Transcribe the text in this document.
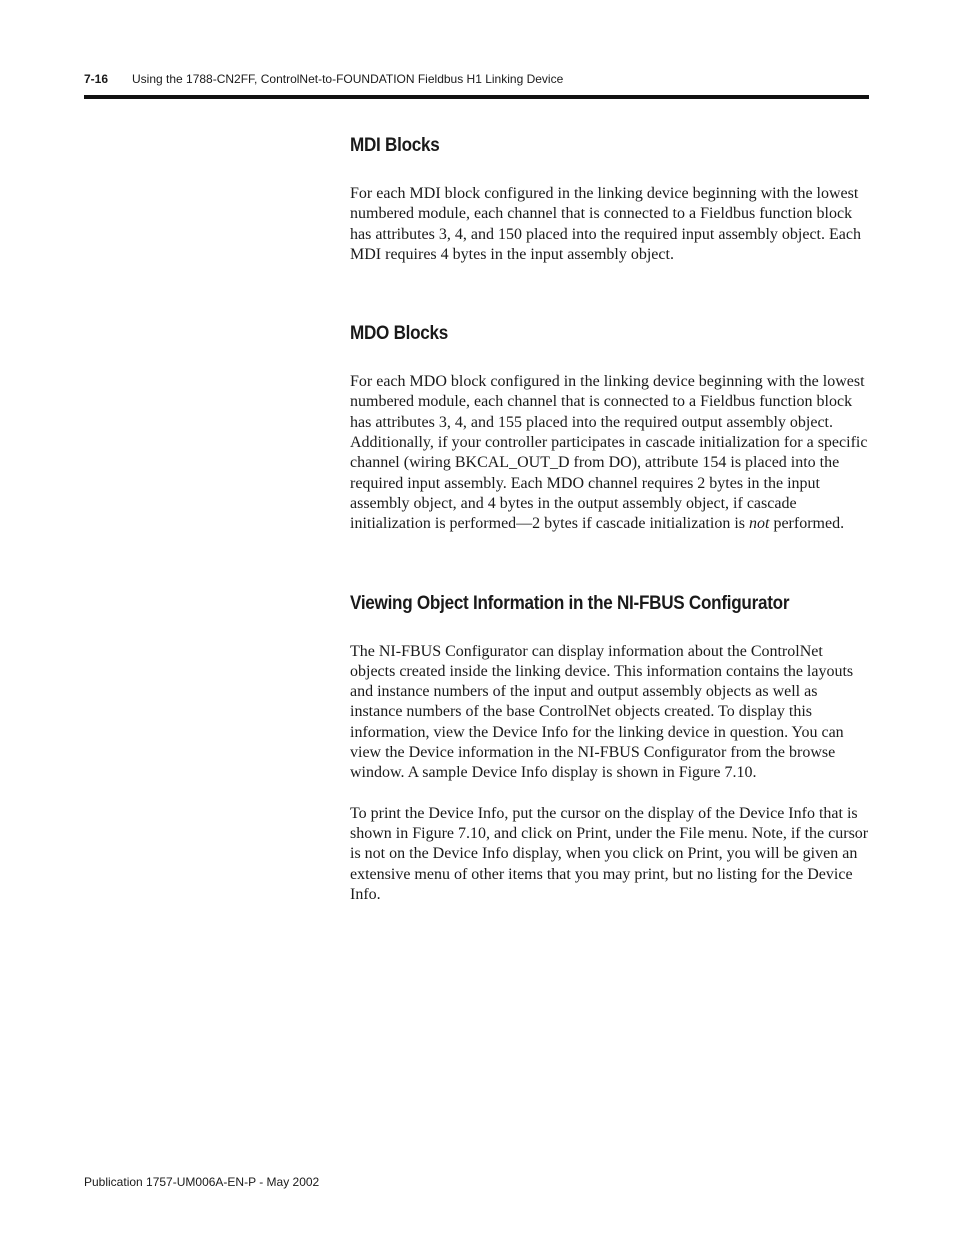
7-16 Using the 1788-CN2FF, ControlNet-to-FOUNDATION Fieldbus H1 Linking Device
MDI Blocks

For each MDI block configured in the linking device beginning with the lowest numbered module, each channel that is connected to a Fieldbus function block has attributes 3, 4, and 150 placed into the required input assembly object. Each MDI requires 4 bytes in the input assembly object.

MDO Blocks

For each MDO block configured in the linking device beginning with the lowest numbered module, each channel that is connected to a Fieldbus function block has attributes 3, 4, and 155 placed into the required output assembly object. Additionally, if your controller participates in cascade initialization for a specific channel (wiring BKCAL_OUT_D from DO), attribute 154 is placed into the required input assembly. Each MDO channel requires 2 bytes in the input assembly object, and 4 bytes in the output assembly object, if cascade initialization is performed—2 bytes if cascade initialization is not performed.

Viewing Object Information in the NI-FBUS Configurator

The NI-FBUS Configurator can display information about the ControlNet objects created inside the linking device. This information contains the layouts and instance numbers of the input and output assembly objects as well as instance numbers of the base ControlNet objects created. To display this information, view the Device Info for the linking device in question. You can view the Device information in the NI-FBUS Configurator from the browse window. A sample Device Info display is shown in Figure 7.10.

To print the Device Info, put the cursor on the display of the Device Info that is shown in Figure 7.10, and click on Print, under the File menu. Note, if the cursor is not on the Device Info display, when you click on Print, you will be given an extensive menu of other items that you may print, but no listing for the Device Info.

Publication 1757-UM006A-EN-P - May 2002
